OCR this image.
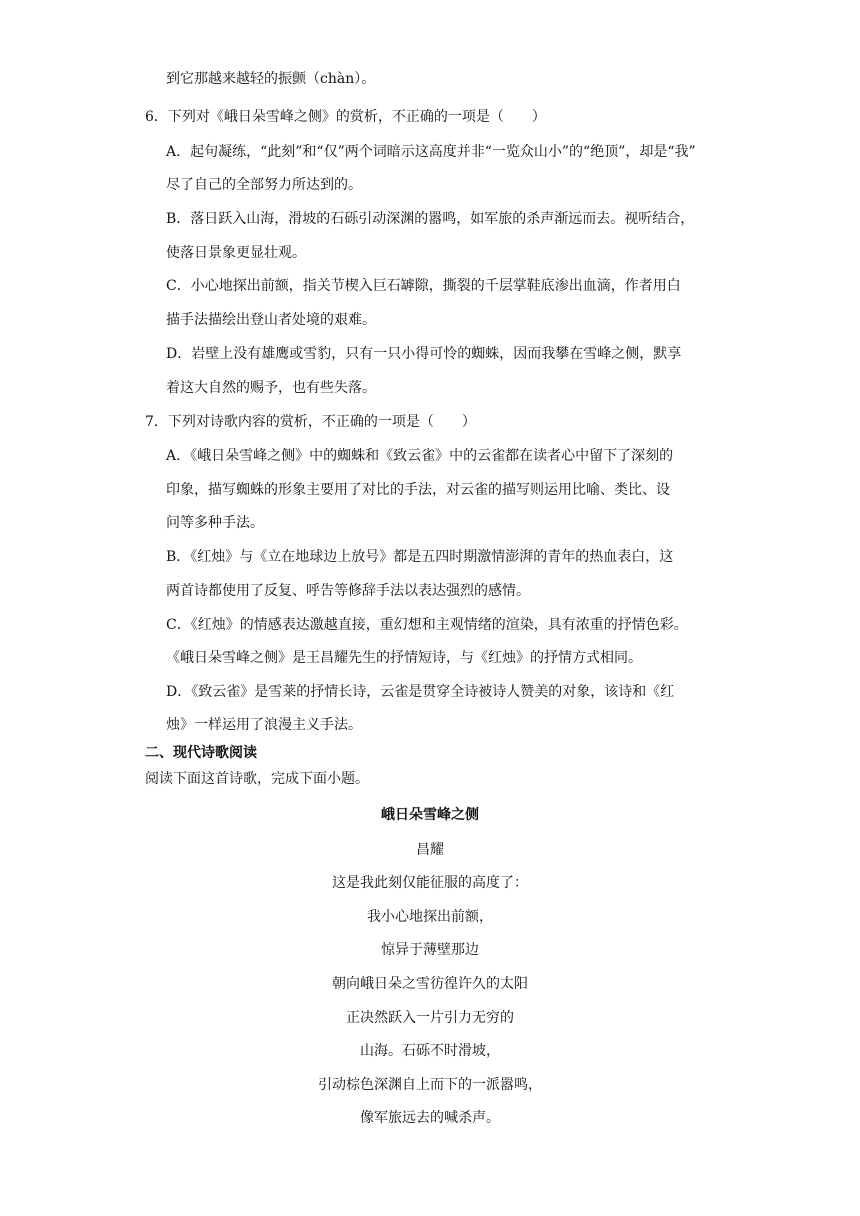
到它那越来越轻的振颤（chàn）。
6．下列对《峨日朵雪峰之侧》的赏析，不正确的一项是（　　）
A．起句凝练，“此刻”和“仅”两个词暗示这高度并非“一览众山小”的“绝顶”，却是“我”
尽了自己的全部努力所达到的。
B．落日跃入山海，滑坡的石砾引动深渊的嚣鸣，如军旅的杀声渐远而去。视听结合，
使落日景象更显壮观。
C．小心地探出前额，指关节楔入巨石罅隙，撕裂的千层掌鞋底渗出血滴，作者用白
描手法描绘出登山者处境的艰难。
D．岩壁上没有雄鹰或雪豹，只有一只小得可怜的蜘蛛，因而我攀在雪峰之侧，默享
着这大自然的赐予，也有些失落。
7．下列对诗歌内容的赏析，不正确的一项是（　　）
A．《峨日朵雪峰之侧》中的蜘蛛和《致云雀》中的云雀都在读者心中留下了深刻的
印象，描写蜘蛛的形象主要用了对比的手法，对云雀的描写则运用比喻、类比、设
问等多种手法。
B．《红烛》与《立在地球边上放号》都是五四时期激情澎湃的青年的热血表白，这
两首诗都使用了反复、呼告等修辞手法以表达强烈的感情。
C．《红烛》的情感表达激越直接，重幻想和主观情绪的渲染，具有浓重的抒情色彩。
《峨日朵雪峰之侧》是王昌耀先生的抒情短诗，与《红烛》的抒情方式相同。
D．《致云雀》是雪莱的抒情长诗，云雀是贯穿全诗被诗人赞美的对象，该诗和《红
烛》一样运用了浪漫主义手法。
二、现代诗歌阅读
阅读下面这首诗歌，完成下面小题。
峨日朵雪峰之侧
昌耀
这是我此刻仅能征服的高度了：
我小心地探出前额，
惊异于薄壁那边
朝向峨日朵之雪彷徨许久的太阳
正决然跃入一片引力无穷的
山海。石砾不时滑坡，
引动棕色深渊自上而下的一派嚣鸣，
像军旅远去的喊杀声。
